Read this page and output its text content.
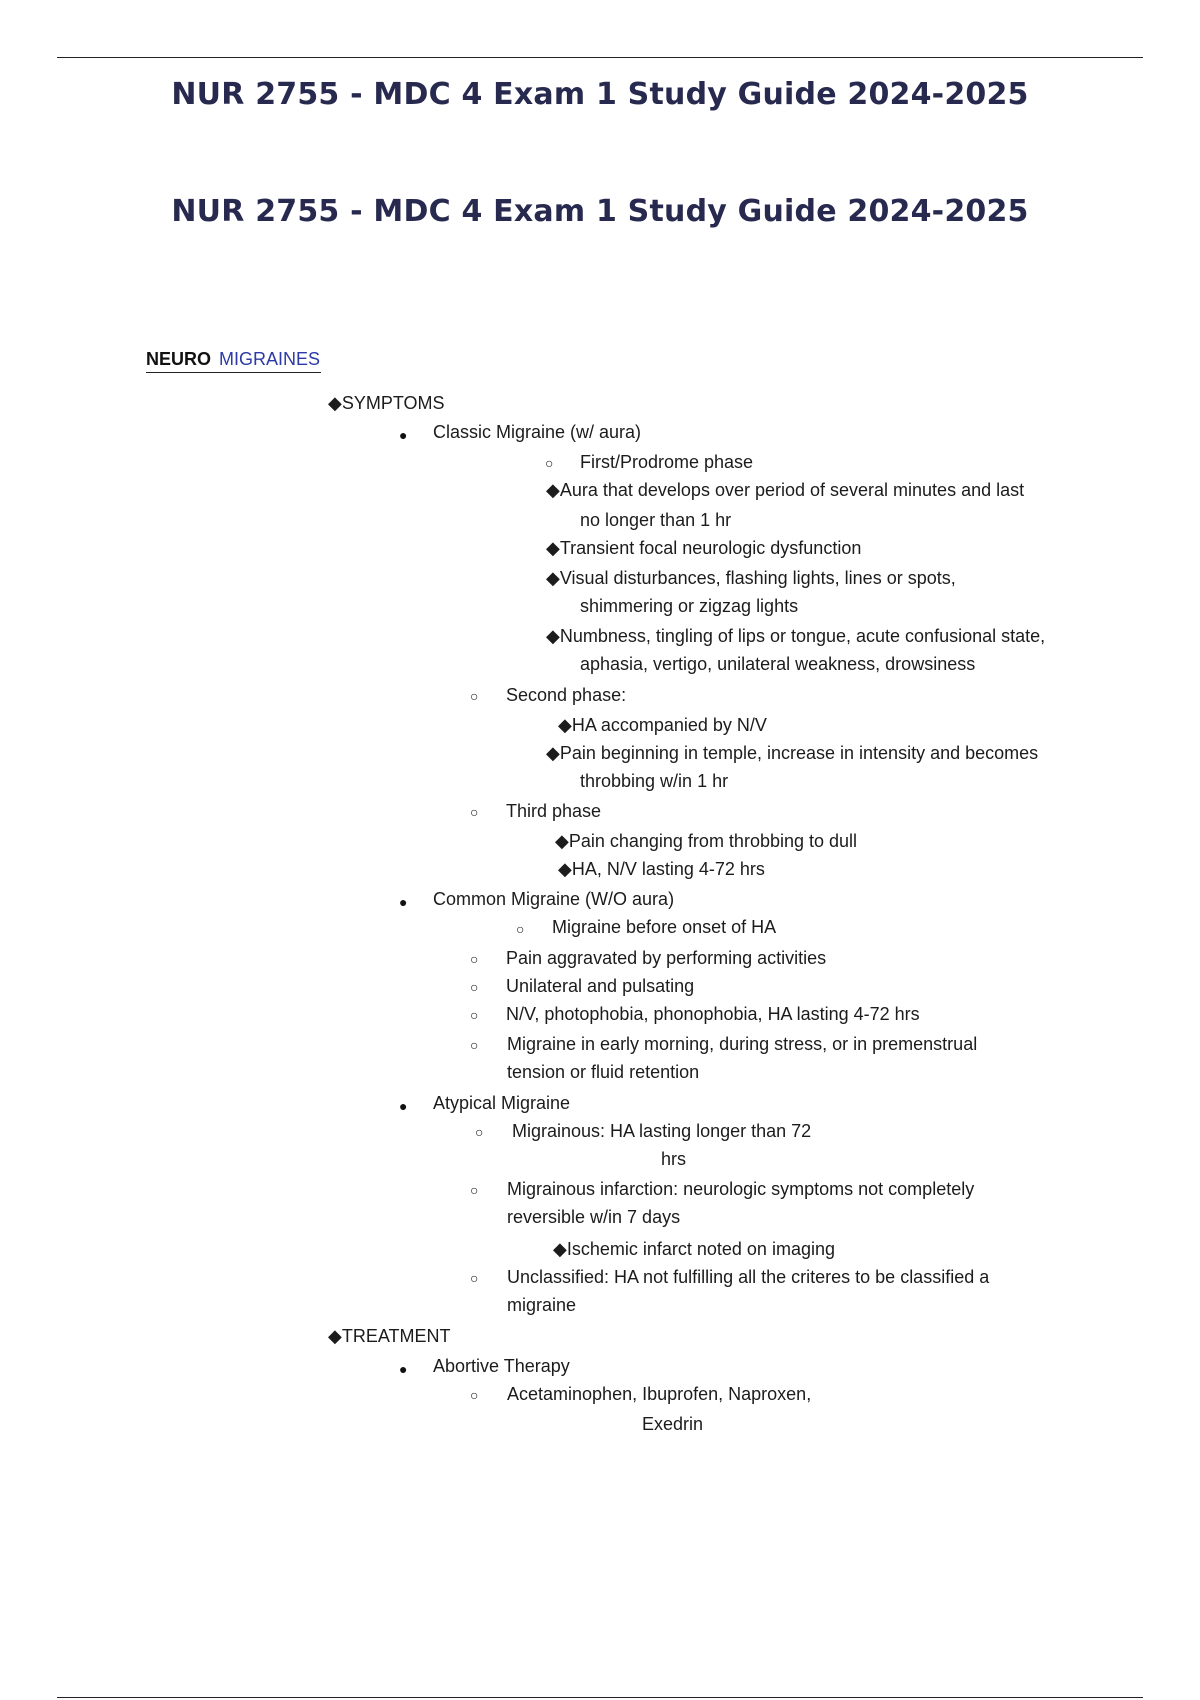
NUR 2755 - MDC 4 Exam 1 Study Guide 2024-2025
NUR 2755 - MDC 4 Exam 1 Study Guide 2024-2025
NEURO MIGRAINES
◆SYMPTOMS
● Classic Migraine (w/ aura)
○ First/Prodrome phase
◆Aura that develops over period of several minutes and last
no longer than 1 hr
◆Transient focal neurologic dysfunction
◆Visual disturbances, flashing lights, lines or spots,
shimmering or zigzag lights
◆Numbness, tingling of lips or tongue, acute confusional state,
aphasia, vertigo, unilateral weakness, drowsiness
○ Second phase:
◆HA accompanied by N/V
◆Pain beginning in temple, increase in intensity and becomes
throbbing w/in 1 hr
○ Third phase
◆Pain changing from throbbing to dull
◆HA, N/V lasting 4-72 hrs
● Common Migraine (W/O aura)
○ Migraine before onset of HA
○ Pain aggravated by performing activities
○ Unilateral and pulsating
○ N/V, photophobia, phonophobia, HA lasting 4-72 hrs
○ Migraine in early morning, during stress, or in premenstrual
tension or fluid retention
● Atypical Migraine
○ Migrainous: HA lasting longer than 72
hrs
○ Migrainous infarction: neurologic symptoms not completely
reversible w/in 7 days
◆Ischemic infarct noted on imaging
○ Unclassified: HA not fulfilling all the criteres to be classified a
migraine
◆TREATMENT
● Abortive Therapy
○ Acetaminophen, Ibuprofen, Naproxen,
Exedrin
